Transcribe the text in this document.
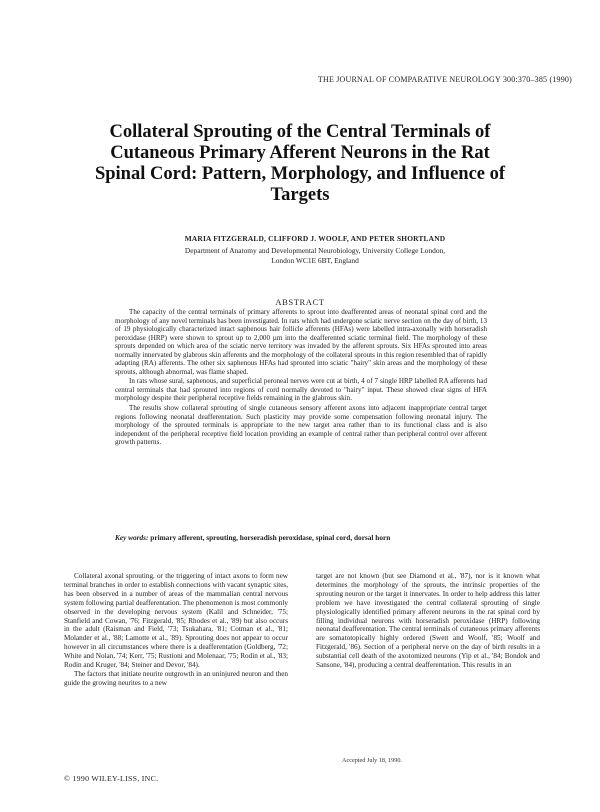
THE JOURNAL OF COMPARATIVE NEUROLOGY 300:370–385 (1990)
Collateral Sprouting of the Central Terminals of Cutaneous Primary Afferent Neurons in the Rat Spinal Cord: Pattern, Morphology, and Influence of Targets
MARIA FITZGERALD, CLIFFORD J. WOOLF, AND PETER SHORTLAND
Department of Anatomy and Developmental Neurobiology, University College London,
London WC1E 6BT, England
ABSTRACT

The capacity of the central terminals of primary afferents to sprout into deafferented areas of neonatal spinal cord and the morphology of any novel terminals has been investigated. In rats which had undergone sciatic nerve section on the day of birth, 13 of 19 physiologically characterized intact saphenous hair follicle afferents (HFAs) were labelled intra-axonally with horseradish peroxidase (HRP) were shown to sprout up to 2,000 µm into the deafferented sciatic terminal field. The morphology of these sprouts depended on which area of the sciatic nerve territory was invaded by the afferent sprouts. Six HFAs sprouted into areas normally innervated by glabrous skin afferents and the morphology of the collateral sprouts in this region resembled that of rapidly adapting (RA) afferents. The other six saphenous HFAs had sprouted into sciatic "hairy" skin areas and the morphology of these sprouts, although abnormal, was flame shaped.

In rats whose sural, saphenous, and superficial peroneal nerves were cut at birth, 4 of 7 single HRP labelled RA afferents had central terminals that had sprouted into regions of cord normally devoted to "hairy" input. These showed clear signs of HFA morphology despite their peripheral receptive fields remaining in the glabrous skin.

The results show collateral sprouting of single cutaneous sensory afferent axons into adjacent inappropriate central target regions following neonatal deafferentation. Such plasticity may provide some compensation following neonatal injury. The morphology of the sprouted terminals is appropriate to the new target area rather than to its functional class and is also independent of the peripheral receptive field location providing an example of central rather than peripheral control over afferent growth patterns.

Key words: primary afferent, sprouting, horseradish peroxidase, spinal cord, dorsal horn

Collateral axonal sprouting, or the triggering of intact axons to form new terminal branches in order to establish connections with vacant synaptic sites, has been observed in a number of areas of the mammalian central nervous system following partial deafferentation. The phenomenon is most commonly observed in the developing nervous system (Kalil and Schneider, '75; Stanfield and Cowan, '76; Fitzgerald, '85; Rhodes et al., '89) but also occurs in the adult (Raisman and Field, '73; Tsukahara, '81; Cotman et al., '81; Molander et al., '88; Lamotte et al., '89). Sprouting does not appear to occur however in all circumstances where there is a deafferentation (Goldberg, '72; White and Nolan, '74; Kerr, '75; Rustioni and Molenaar, '75; Rodin et al., '83; Rodin and Kruger, '84; Steiner and Devor, '84).

The factors that initiate neurite outgrowth in an uninjured neuron and then guide the growing neurites to a new

target are not known (but see Diamond et al., '87), nor is it known what determines the morphology of the sprouts, the intrinsic properties of the sprouting neuron or the target it innervates. In order to help address this latter problem we have investigated the central collateral sprouting of single physiologically identified primary afferent neurons in the rat spinal cord by filling individual neurons with horseradish peroxidase (HRP) following neonatal deafferentation. The central terminals of cutaneous primary afferents are somatotopically highly ordered (Swett and Woolf, '85; Woolf and Fitzgerald, '86). Section of a peripheral nerve on the day of birth results in a substantial cell death of the axotomized neurons (Yip et al., '84; Bondok and Sansone, '84), producing a central deafferentation. This results in an

Accepted July 18, 1990.
© 1990 WILEY-LISS, INC.
